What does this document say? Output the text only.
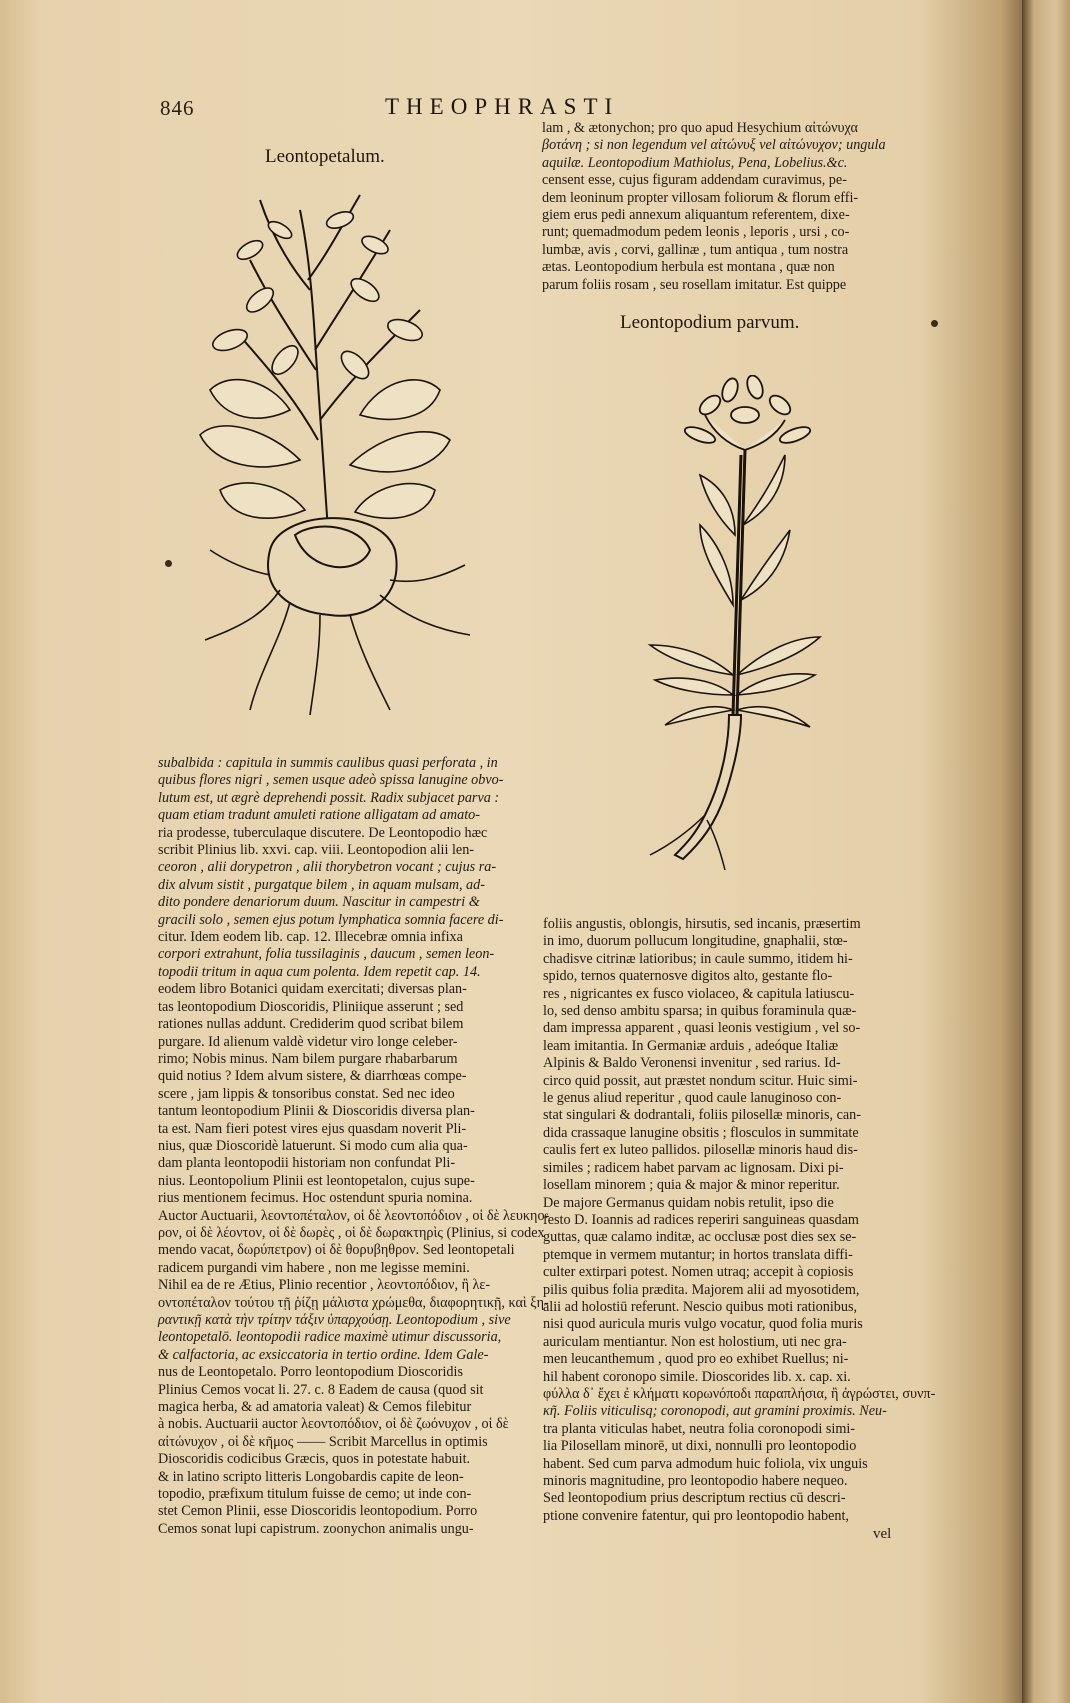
846	THEOPHRASTI
Leontopetalum.

lam , & ætonychon; pro quo apud Hesychium αἰτώνυχα

βοτάνη ; si non legendum vel αἰτώνυξ vel αἰτώνυχον; ungula

aquilæ. Leontopodium Mathiolus, Pena, Lobelius.&c.

censent esse, cujus figuram addendam curavimus, pe-

dem leoninum propter villosam foliorum & florum effi-

giem erus pedi annexum aliquantum referentem, dixe-

runt; quemadmodum pedem leonis , leporis , ursi , co-

lumbæ, avis , corvi, gallinæ , tum antiqua , tum nostra

ætas. Leontopodium herbula est montana , quæ non

parum foliis rosam , seu rosellam imitatur. Est quippe

Leontopodium parvum.

subalbida : capitula in summis caulibus quasi perforata , in

quibus flores nigri , semen usque adeò spissa lanugine obvo-

lutum est, ut ægrè deprehendi possit. Radix subjacet parva :

quam etiam tradunt amuleti ratione alligatam ad amato-

ria prodesse, tuberculaque discutere. De Leontopodio hæc

scribit Plinius lib. xxvi. cap. viii. Leontopodion alii len-

ceoron , alii dorypetron , alii thorybetron vocant ; cujus ra-

dix alvum sistit , purgatque bilem , in aquam mulsam, ad-

dito pondere denariorum duum. Nascitur in campestri &

gracili solo , semen ejus potum lymphatica somnia facere di-

citur. Idem eodem lib. cap. 12. Illecebræ omnia infixa

corpori extrahunt, folia tussilaginis , daucum , semen leon-

topodii tritum in aqua cum polenta. Idem repetit cap. 14.

eodem libro Botanici quidam exercitati; diversas plan-

tas leontopodium Dioscoridis, Pliniique asserunt ; sed

rationes nullas addunt. Crediderim quod scribat bilem

purgare. Id alienum valdè videtur viro longe celeber-

rimo; Nobis minus. Nam bilem purgare rhabarbarum

quid notius ? Idem alvum sistere, & diarrhœas compe-

scere , jam lippis & tonsoribus constat. Sed nec ideo

tantum leontopodium Plinii & Dioscoridis diversa plan-

ta est. Nam fieri potest vires ejus quasdam noverit Pli-

nius, quæ Dioscoridè latuerunt. Si modo cum alia qua-

dam planta leontopodii historiam non confundat Pli-

nius. Leontopolium Plinii est leontopetalon, cujus supe-

rius mentionem fecimus. Hoc ostendunt spuria nomina.

Auctor Auctuarii, λεοντοπέταλον, οἱ δὲ λεοντοπόδιον , οἱ δὲ λευκηο-

ρον, οἱ δὲ λέοντον, οἱ δὲ δωρὲς , οἱ δὲ δωρακτηρὶς (Plinius, si codex

mendo vacat, δωρύπετρον) οἱ δὲ θορυβηθρον. Sed leontopetali

radicem purgandi vim habere , non me legisse memini.

Nihil ea de re Ætius, Plinio recentior , λεοντοπόδιον, ἢ λε-

οντοπέταλον τούτου τῇ ῥίζῃ μάλιστα χρώμεθα, διαφορητικῇ, καὶ ξη-

ραντικῇ κατὰ τὴν τρίτην τάξιν ὑπαρχούσῃ. Leontopodium , sive

leontopetalō. leontopodii radice maximè utimur discussoria,

& calfactoria, ac exsiccatoria in tertio ordine. Idem Gale-

nus de Leontopetalo. Porro leontopodium Dioscoridis

Plinius Cemos vocat li. 27. c. 8 Eadem de causa (quod sit

magica herba, & ad amatoria valeat) & Cemos filebitur

à nobis. Auctuarii auctor λεοντοπόδιον, οἱ δὲ ζωόνυχον , οἱ δὲ

αἰτώνυχον , οἱ δὲ κῆμος —— Scribit Marcellus in optimis

Dioscoridis codicibus Græcis, quos in potestate habuit.

& in latino scripto litteris Longobardis capite de leon-

topodio, præfixum titulum fuisse de cemo; ut inde con-

stet Cemon Plinii, esse Dioscoridis leontopodium. Porro

Cemos sonat lupi capistrum. zoonychon animalis ungu-

foliis angustis, oblongis, hirsutis, sed incanis, præsertim

in imo, duorum pollucum longitudine, gnaphalii, stœ-

chadisve citrinæ latioribus; in caule summo, itidem hi-

spido, ternos quaternosve digitos alto, gestante flo-

res , nigricantes ex fusco violaceo, & capitula latiuscu-

lo, sed denso ambitu sparsa; in quibus foraminula quæ-

dam impressa apparent , quasi leonis vestigium , vel so-

leam imitantia. In Germaniæ arduis , adeóque Italiæ

Alpinis & Baldo Veronensi invenitur , sed rarius. Id-

circo quid possit, aut præstet nondum scitur. Huic simi-

le genus aliud reperitur , quod caule lanuginoso con-

stat singulari & dodrantali, foliis pilosellæ minoris, can-

dida crassaque lanugine obsitis ; flosculos in summitate

caulis fert ex luteo pallidos. pilosellæ minoris haud dis-

similes ; radicem habet parvam ac lignosam. Dixi pi-

losellam minorem ; quia & major & minor reperitur.

De majore Germanus quidam nobis retulit, ipso die

festo D. Ioannis ad radices reperiri sanguineas quasdam

guttas, quæ calamo inditæ, ac occlusæ post dies sex se-

ptemque in vermem mutantur; in hortos translata diffi-

culter extirpari potest. Nomen utraq; accepit à copiosis

pilis quibus folia prædita. Majorem alii ad myosotidem,

alii ad holostiū referunt. Nescio quibus moti rationibus,

nisi quod auricula muris vulgo vocatur, quod folia muris

auriculam mentiantur. Non est holostium, uti nec gra-

men leucanthemum , quod pro eo exhibet Ruellus; ni-

hil habent coronopo simile. Dioscorides lib. x. cap. xi.

φύλλα δ᾽ ἔχει ἐ κλήματι κορωνόποδι παραπλήσια, ἢ ἀγρώστει, συνπ-

κῆ. Foliis viticulisq; coronopodi, aut gramini proximis. Neu-

tra planta viticulas habet, neutra folia coronopodi simi-

lia Pilosellam minorē, ut dixi, nonnulli pro leontopodio

habent. Sed cum parva admodum huic foliola, vix unguis

minoris magnitudine, pro leontopodio habere nequeo.

Sed leontopodium prius descriptum rectius cū descri-

ptione convenire fatentur, qui pro leontopodio habent,

vel
